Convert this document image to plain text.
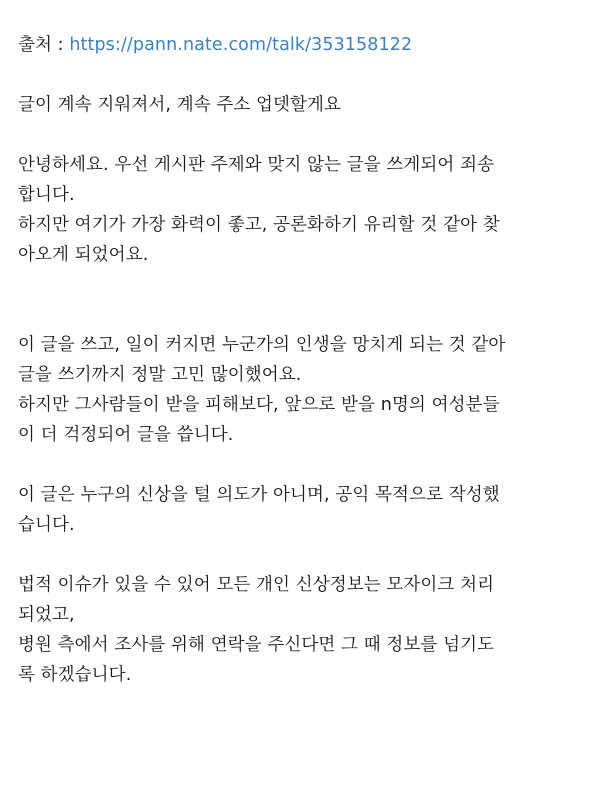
출처 : https://pann.nate.com/talk/353158122
글이 계속 지워져서, 계속 주소 업뎃할게요
안녕하세요. 우선 게시판 주제와 맞지 않는 글을 쓰게되어 죄송
합니다.
하지만 여기가 가장 화력이 좋고, 공론화하기 유리할 것 같아 찾
아오게 되었어요.
이 글을 쓰고, 일이 커지면 누군가의 인생을 망치게 되는 것 같아
글을 쓰기까지 정말 고민 많이했어요.
하지만 그사람들이 받을 피해보다, 앞으로 받을 n명의 여성분들
이 더 걱정되어 글을 씁니다.
이 글은 누구의 신상을 털 의도가 아니며, 공익 목적으로 작성했
습니다.
법적 이슈가 있을 수 있어 모든 개인 신상정보는 모자이크 처리
되었고,
병원 측에서 조사를 위해 연락을 주신다면 그 때 정보를 넘기도
록 하겠습니다.
